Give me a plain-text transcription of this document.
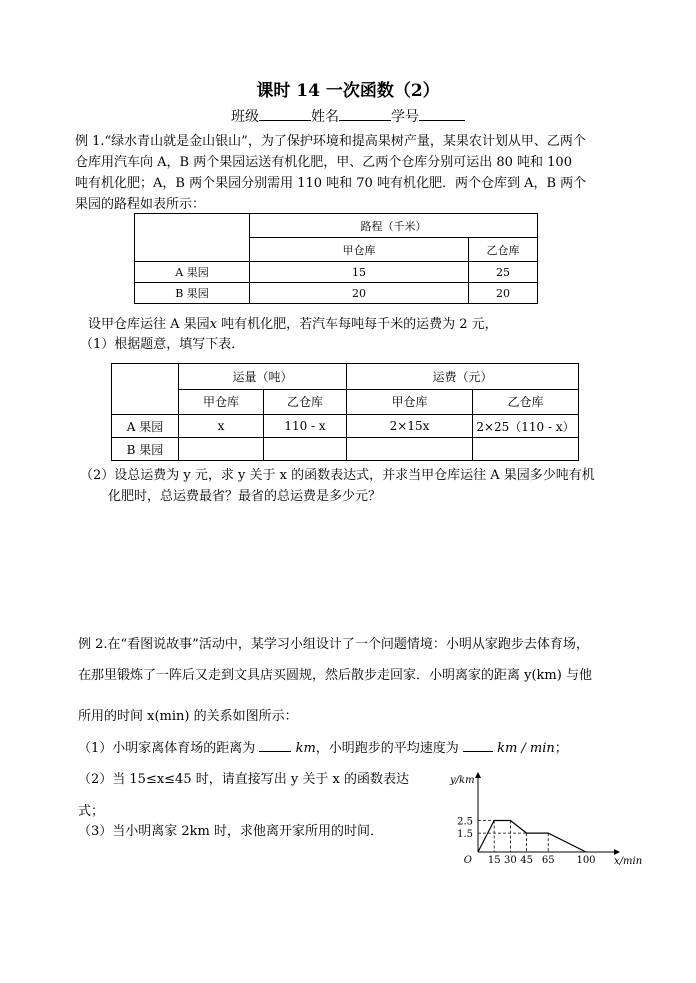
课时 14 一次函数（2）
班级	姓名	学号
例 1.“绿水青山就是金山银山”，为了保护环境和提高果树产量，某果农计划从甲、乙两个
仓库用汽车向 A，B 两个果园运送有机化肥，甲、乙两个仓库分别可运出 80 吨和 100
吨有机化肥；A，B 两个果园分别需用 110 吨和 70 吨有机化肥．两个仓库到 A，B 两个
果园的路程如表所示：
	路程（千米）	
	甲仓库	乙仓库
A 果园	15	25
B 果园	20	20
设甲仓库运往 A 果园x 吨有机化肥，若汽车每吨每千米的运费为 2 元，
（1）根据题意，填写下表．
	运量（吨）		运费（元）	
	甲仓库	乙仓库	甲仓库	乙仓库
A 果园	x	110 - x	2×15x	2×25（110 - x）
B 果园				
（2）设总运费为 y 元，求 y 关于 x 的函数表达式，并求当甲仓库运往 A 果园多少吨有机
化肥时，总运费最省？最省的总运费是多少元？
例 2.在“看图说故事”活动中，某学习小组设计了一个问题情境：小明从家跑步去体育场，
在那里锻炼了一阵后又走到文具店买圆规，然后散步走回家．小明离家的距离 y(km) 与他
所用的时间 x(min) 的关系如图所示：
（1）小明家离体育场的距离为	km，小明跑步的平均速度为	km / min；
（2）当 15≤x≤45 时，请直接写出 y 关于 x 的函数表达
式；
（3）当小明离家 2km 时，求他离开家所用的时间．
15 30 45 65 100
1.5
2.5
O
y/km
x/min
